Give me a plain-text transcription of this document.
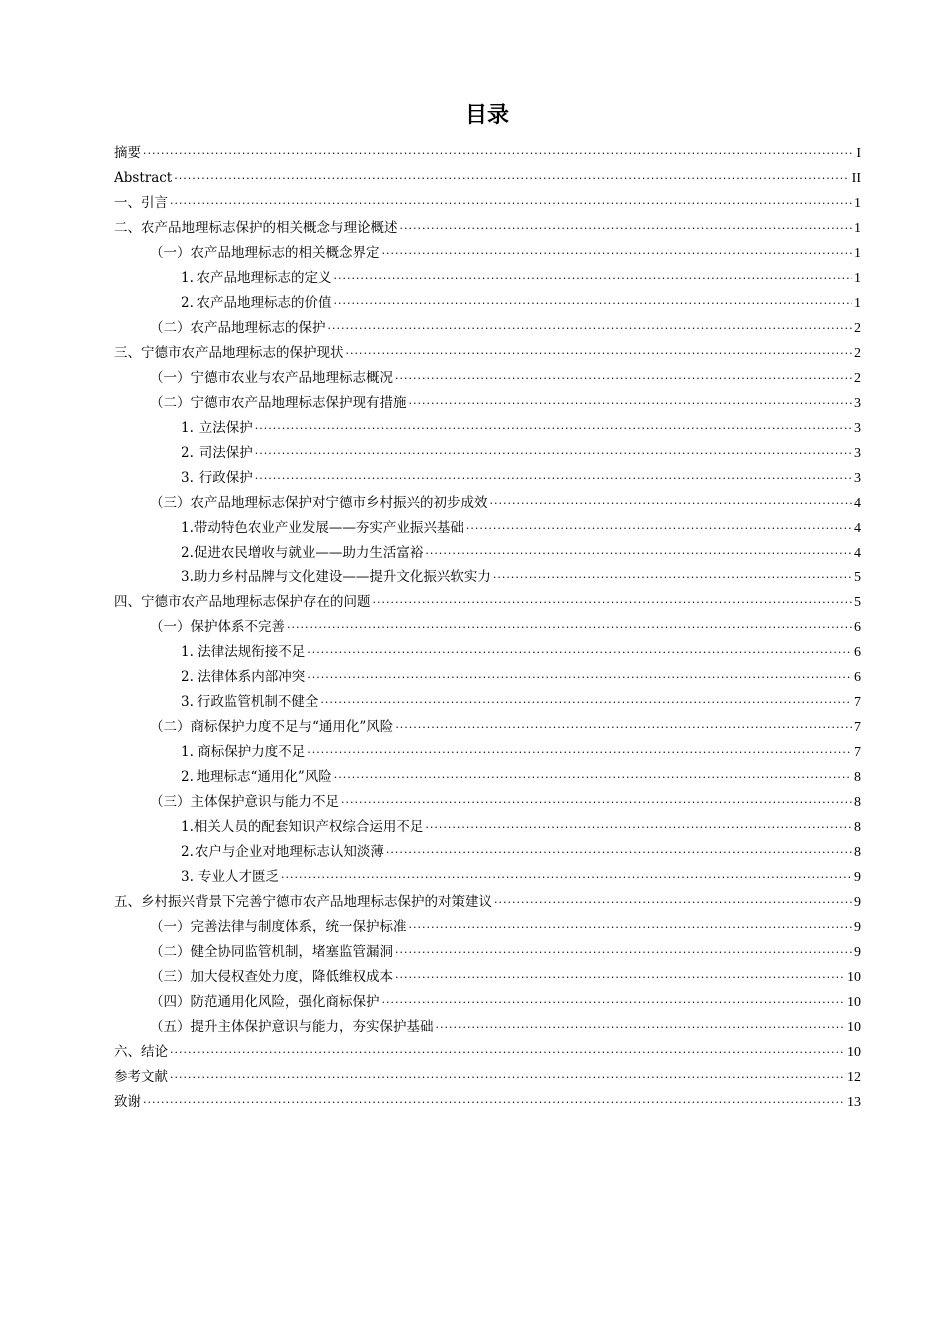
目录
摘要 ·····	I
Abstract ·····	II
一、引言 ·····	1
二、农产品地理标志保护的相关概念与理论概述 ·····	1
（一）农产品地理标志的相关概念界定 ·····	1
1. 农产品地理标志的定义 ·····	1
2. 农产品地理标志的价值 ·····	1
（二）农产品地理标志的保护 ·····	2
三、宁德市农产品地理标志的保护现状 ·····	2
（一）宁德市农业与农产品地理标志概况 ·····	2
（二）宁德市农产品地理标志保护现有措施 ·····	3
1. 立法保护 ·····	3
2. 司法保护 ·····	3
3. 行政保护 ·····	3
（三）农产品地理标志保护对宁德市乡村振兴的初步成效 ·····	4
1. 带动特色农业产业发展——夯实产业振兴基础 ·····	4
2. 促进农民增收与就业——助力生活富裕 ·····	4
3. 助力乡村品牌与文化建设——提升文化振兴软实力 ·····	5
四、宁德市农产品地理标志保护存在的问题 ·····	5
（一）保护体系不完善 ·····	6
1. 法律法规衔接不足 ·····	6
2. 法律体系内部冲突 ·····	6
3. 行政监管机制不健全 ·····	7
（二）商标保护力度不足与“通用化”风险 ·····	7
1. 商标保护力度不足 ·····	7
2. 地理标志“通用化”风险 ·····	8
（三）主体保护意识与能力不足 ·····	8
1. 相关人员的配套知识产权综合运用不足 ·····	8
2. 农户与企业对地理标志认知淡薄 ·····	8
3. 专业人才匮乏 ·····	9
五、乡村振兴背景下完善宁德市农产品地理标志保护的对策建议 ·····	9
（一）完善法律与制度体系，统一保护标准 ·····	9
（二）健全协同监管机制，堵塞监管漏洞 ·····	9
（三）加大侵权查处力度，降低维权成本 ·····	10
（四）防范通用化风险，强化商标保护 ·····	10
（五）提升主体保护意识与能力，夯实保护基础 ·····	10
六、结论 ·····	10
参考文献 ·····	12
致谢 ·····	13
